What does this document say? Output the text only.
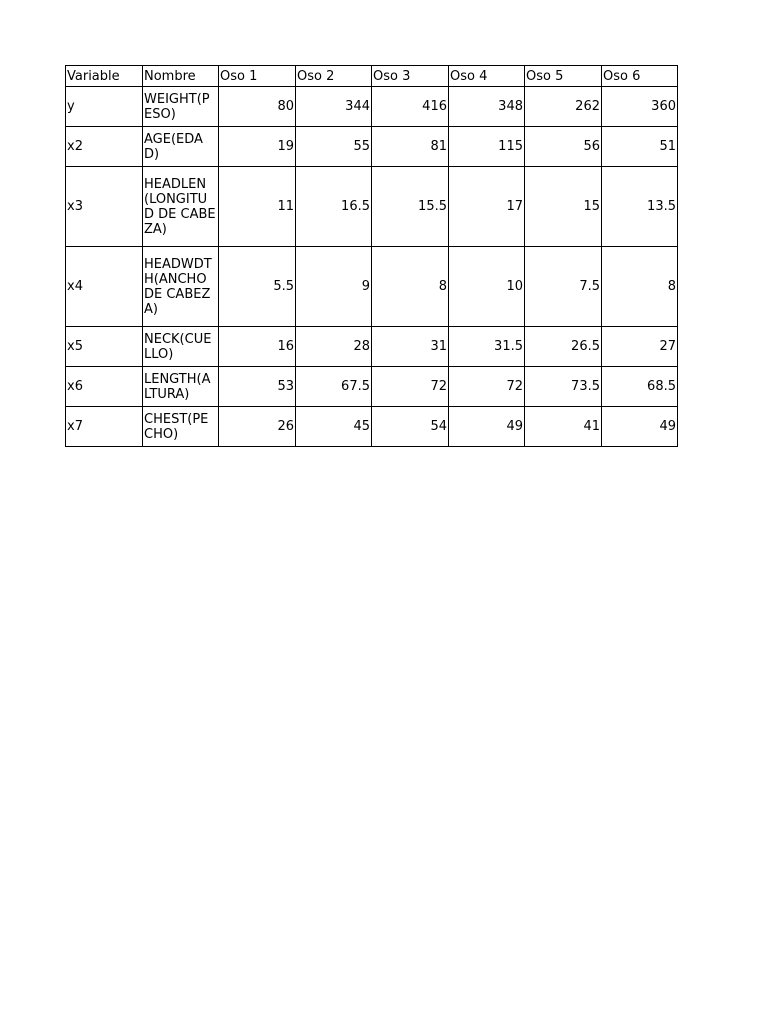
Variable	Nombre	Oso 1	Oso 2	Oso 3	Oso 4	Oso 5	Oso 6
y	WEIGHT(PESO)	80	344	416	348	262	360
x2	AGE(EDAD)	19	55	81	115	56	51
x3	HEADLEN(LONGITUD DE CABEZA)	11	16.5	15.5	17	15	13.5
x4	HEADWDTH(ANCHO DE CABEZA)	5.5	9	8	10	7.5	8
x5	NECK(CUELLO)	16	28	31	31.5	26.5	27
x6	LENGTH(ALTURA)	53	67.5	72	72	73.5	68.5
x7	CHEST(PECHO)	26	45	54	49	41	49
